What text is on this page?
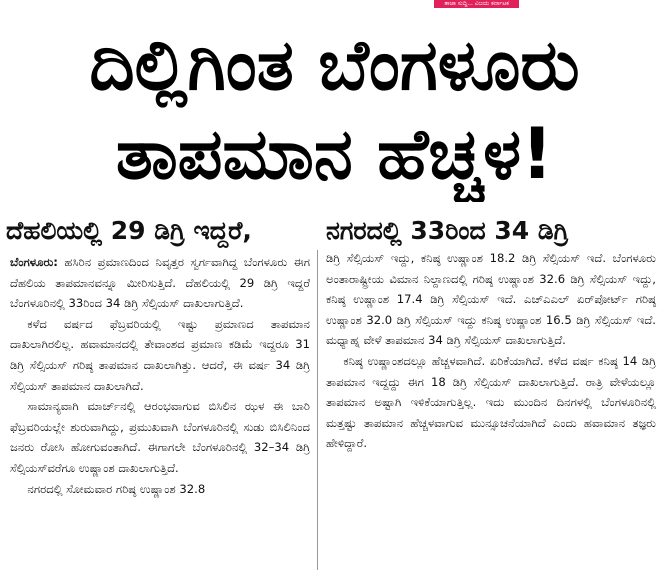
ತಾಜಾ ಸುದ್ದಿ... ವಿಜಯ ಕರ್ನಾಟಕ
ದಿಲ್ಲಿಗಿಂತ ಬೆಂಗಳೂರು
ತಾಪಮಾನ ಹೆಚ್ಚಳ!
ದೆಹಲಿಯಲ್ಲಿ 29 ಡಿಗ್ರಿ ಇದ್ದರೆ,	ನಗರದಲ್ಲಿ 33ರಿಂದ 34 ಡಿಗ್ರಿ

ಬೆಂಗಳೂರು: ಹಸಿರಿನ ಪ್ರಮಾಣದಿಂದ ನಿವೃತ್ತರ ಸ್ವರ್ಗವಾಗಿದ್ದ ಬೆಂಗಳೂರು ಈಗ ದೆಹಲಿಯ ತಾಪಮಾನವನ್ನೂ ಮೀರಿಸುತ್ತಿದೆ. ದೆಹಲಿಯಲ್ಲಿ 29 ಡಿಗ್ರಿ ಇದ್ದರೆ ಬೆಂಗಳೂರಿನಲ್ಲಿ 33ರಿಂದ 34 ಡಿಗ್ರಿ ಸೆಲ್ಸಿಯಸ್ ದಾಖಲಾಗುತ್ತಿದೆ.

ಕಳೆದ ವರ್ಷದ ಫೆಬ್ರವರಿಯಲ್ಲಿ ಇಷ್ಟು ಪ್ರಮಾಣದ ತಾಪಮಾನ ದಾಖಲಾಗಿರಲಿಲ್ಲ. ಹವಾಮಾನದಲ್ಲಿ ತೇವಾಂಶದ ಪ್ರಮಾಣ ಕಡಿಮೆ ಇದ್ದರೂ 31 ಡಿಗ್ರಿ ಸೆಲ್ಸಿಯಸ್ ಗರಿಷ್ಠ ತಾಪಮಾನ ದಾಖಲಾಗಿತ್ತು. ಆದರೆ, ಈ ವರ್ಷ 34 ಡಿಗ್ರಿ ಸೆಲ್ಸಿಯಸ್ ತಾಪಮಾನ ದಾಖಲಾಗಿದೆ.

ಸಾಮಾನ್ಯವಾಗಿ ಮಾರ್ಚ್‌ನಲ್ಲಿ ಆರಂಭವಾಗುವ ಬಿಸಿಲಿನ ಝಳ ಈ ಬಾರಿ ಫೆಬ್ರವರಿಯಲ್ಲೇ ಶುರುವಾಗಿದ್ದು, ಪ್ರಮುಖವಾಗಿ ಬೆಂಗಳೂರಿನಲ್ಲಿ ಸುಡು ಬಿಸಿಲಿನಿಂದ ಜನರು ರೋಸಿ ಹೋಗುವಂತಾಗಿದೆ. ಈಗಾಗಲೇ ಬೆಂಗಳೂರಿನಲ್ಲಿ 32–34 ಡಿಗ್ರಿ ಸೆಲ್ಸಿಯಸ್‌ವರೆಗೂ ಉಷ್ಣಾಂಶ ದಾಖಲಾಗುತ್ತಿದೆ.

ನಗರದಲ್ಲಿ ಸೋಮವಾರ ಗರಿಷ್ಠ ಉಷ್ಣಾಂಶ 32.8

ಡಿಗ್ರಿ ಸೆಲ್ಸಿಯಸ್ ಇದ್ದು, ಕನಿಷ್ಠ ಉಷ್ಣಾಂಶ 18.2 ಡಿಗ್ರಿ ಸೆಲ್ಸಿಯಸ್ ಇದೆ. ಬೆಂಗಳೂರು ಅಂತಾರಾಷ್ಟ್ರೀಯ ವಿಮಾನ ನಿಲ್ದಾಣದಲ್ಲಿ ಗರಿಷ್ಠ ಉಷ್ಣಾಂಶ 32.6 ಡಿಗ್ರಿ ಸೆಲ್ಸಿಯಸ್ ಇದ್ದು, ಕನಿಷ್ಠ ಉಷ್ಣಾಂಶ 17.4 ಡಿಗ್ರಿ ಸೆಲ್ಸಿಯಸ್ ಇದೆ. ಎಚ್‌ಎಎಲ್ ಏರ್‌ಪೋರ್ಟ್ ಗರಿಷ್ಠ ಉಷ್ಣಾಂಶ 32.0 ಡಿಗ್ರಿ ಸೆಲ್ಸಿಯಸ್ ಇದ್ದು ಕನಿಷ್ಠ ಉಷ್ಣಾಂಶ 16.5 ಡಿಗ್ರಿ ಸೆಲ್ಸಿಯಸ್ ಇದೆ. ಮಧ್ಯಾಹ್ನ ವೇಳೆ ತಾಪಮಾನ 34 ಡಿಗ್ರಿ ಸೆಲ್ಸಿಯಸ್ ದಾಖಲಾಗುತ್ತಿದೆ.

ಕನಿಷ್ಠ ಉಷ್ಣಾಂಶದಲ್ಲೂ ಹೆಚ್ಚಳವಾಗಿದೆ. ಏರಿಕೆಯಾಗಿದೆ. ಕಳೆದ ವರ್ಷ ಕನಿಷ್ಠ 14 ಡಿಗ್ರಿ ತಾಪಮಾನ ಇದ್ದದ್ದು ಈಗ 18 ಡಿಗ್ರಿ ಸೆಲ್ಸಿಯಸ್ ದಾಖಲಾಗುತ್ತಿದೆ. ರಾತ್ರಿ ವೇಳೆಯಲ್ಲೂ ತಾಪಮಾನ ಅಷ್ಟಾಗಿ ಇಳಿಕೆಯಾಗುತ್ತಿಲ್ಲ. ಇದು ಮುಂದಿನ ದಿನಗಳಲ್ಲಿ ಬೆಂಗಳೂರಿನಲ್ಲಿ ಮತ್ತಷ್ಟು ತಾಪಮಾನ ಹೆಚ್ಚಳವಾಗುವ ಮುನ್ಸೂಚನೆಯಾಗಿದೆ ಎಂದು ಹವಾಮಾನ ತಜ್ಞರು ಹೇಳಿದ್ದಾರೆ.
